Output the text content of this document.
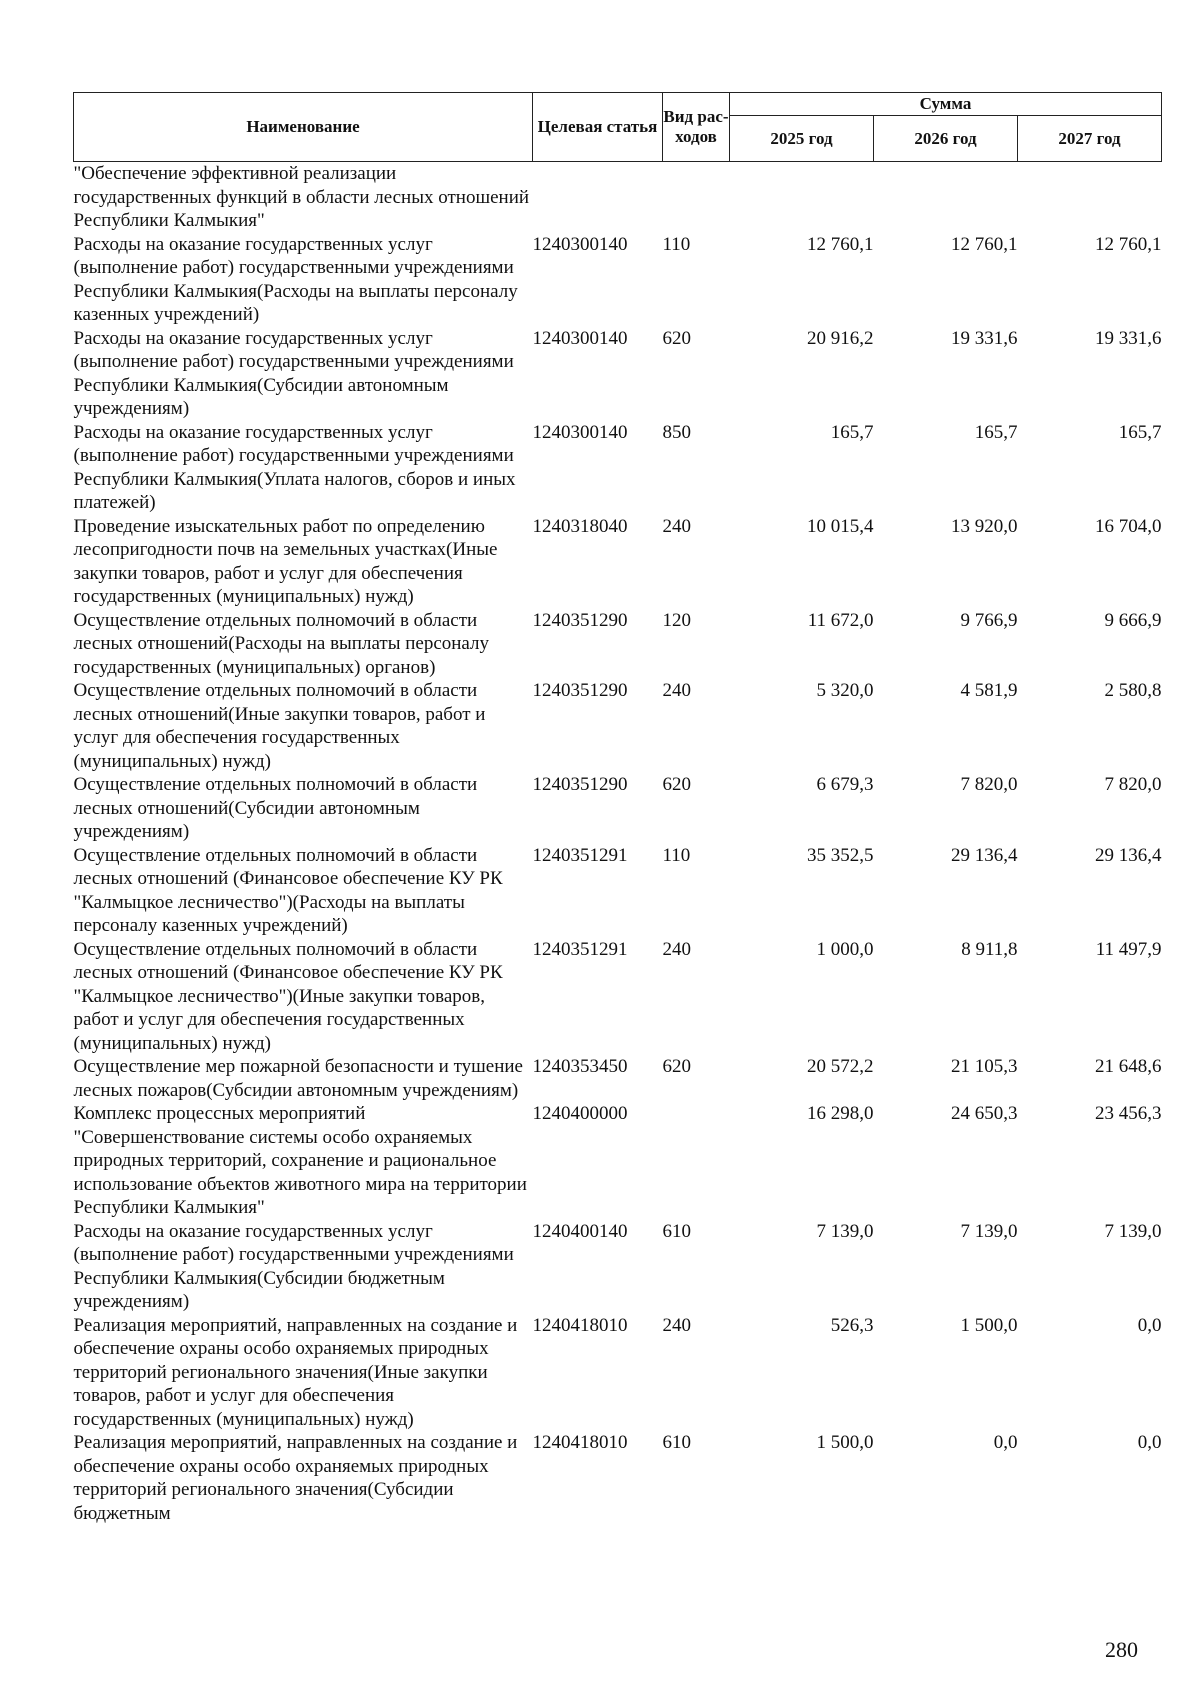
Наименование	Целевая статья	Вид рас-ходов	Сумма		
			2025 год	2026 год	2027 год
"Обеспечение эффективной реализации государственных функций в области лесных отношений Республики Калмыкия"					
Расходы на оказание государственных услуг (выполнение работ) государственными учреждениями Республики Калмыкия(Расходы на выплаты персоналу казенных учреждений)	1240300140	110	12 760,1	12 760,1	12 760,1
Расходы на оказание государственных услуг (выполнение работ) государственными учреждениями Республики Калмыкия(Субсидии автономным учреждениям)	1240300140	620	20 916,2	19 331,6	19 331,6
Расходы на оказание государственных услуг (выполнение работ) государственными учреждениями Республики Калмыкия(Уплата налогов, сборов и иных платежей)	1240300140	850	165,7	165,7	165,7
Проведение изыскательных работ по определению лесопригодности почв на земельных участках(Иные закупки товаров, работ и услуг для обеспечения государственных (муниципальных) нужд)	1240318040	240	10 015,4	13 920,0	16 704,0
Осуществление отдельных полномочий в области лесных отношений(Расходы на выплаты персоналу государственных (муниципальных) органов)	1240351290	120	11 672,0	9 766,9	9 666,9
Осуществление отдельных полномочий в области лесных отношений(Иные закупки товаров, работ и услуг для обеспечения государственных (муниципальных) нужд)	1240351290	240	5 320,0	4 581,9	2 580,8
Осуществление отдельных полномочий в области лесных отношений(Субсидии автономным учреждениям)	1240351290	620	6 679,3	7 820,0	7 820,0
Осуществление отдельных полномочий в области лесных отношений (Финансовое обеспечение КУ РК "Калмыцкое лесничество")(Расходы на выплаты персоналу казенных учреждений)	1240351291	110	35 352,5	29 136,4	29 136,4
Осуществление отдельных полномочий в области лесных отношений (Финансовое обеспечение КУ РК "Калмыцкое лесничество")(Иные закупки товаров, работ и услуг для обеспечения государственных (муниципальных) нужд)	1240351291	240	1 000,0	8 911,8	11 497,9
Осуществление мер пожарной безопасности и тушение лесных пожаров(Субсидии автономным учреждениям)	1240353450	620	20 572,2	21 105,3	21 648,6
Комплекс процессных мероприятий "Совершенствование системы особо охраняемых природных территорий, сохранение и рациональное использование объектов животного мира на территории Республики Калмыкия"	1240400000		16 298,0	24 650,3	23 456,3
Расходы на оказание государственных услуг (выполнение работ) государственными учреждениями Республики Калмыкия(Субсидии бюджетным учреждениям)	1240400140	610	7 139,0	7 139,0	7 139,0
Реализация мероприятий, направленных на создание и обеспечение охраны особо охраняемых природных территорий регионального значения(Иные закупки товаров, работ и услуг для обеспечения государственных (муниципальных) нужд)	1240418010	240	526,3	1 500,0	0,0
Реализация мероприятий, направленных на создание и обеспечение охраны особо охраняемых природных территорий регионального значения(Субсидии бюджетным	1240418010	610	1 500,0	0,0	0,0
280
